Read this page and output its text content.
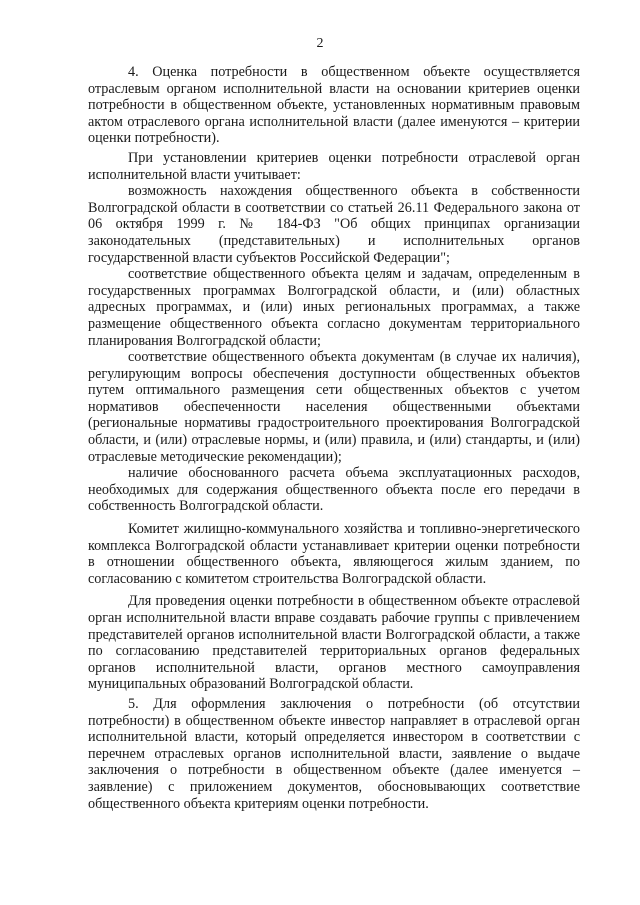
2

4. Оценка потребности в общественном объекте осуществляется отраслевым органом исполнительной власти на основании критериев оценки потребности в общественном объекте, установленных нормативным правовым актом отраслевого органа исполнительной власти (далее именуются – критерии оценки потребности).

При установлении критериев оценки потребности отраслевой орган исполнительной власти учитывает:

возможность нахождения общественного объекта в собственности Волгоградской области в соответствии со статьей 26.11 Федерального закона от 06 октября 1999 г. № 184-ФЗ "Об общих принципах организации законодательных (представительных) и исполнительных органов государственной власти субъектов Российской Федерации";

соответствие общественного объекта целям и задачам, определенным в государственных программах Волгоградской области, и (или) областных адресных программах, и (или) иных региональных программах, а также размещение общественного объекта согласно документам территориального планирования Волгоградской области;

соответствие общественного объекта документам (в случае их наличия), регулирующим вопросы обеспечения доступности общественных объектов путем оптимального размещения сети общественных объектов с учетом нормативов обеспеченности населения общественными объектами (региональные нормативы градостроительного проектирования Волгоградской области, и (или) отраслевые нормы, и (или) правила, и (или) стандарты, и (или) отраслевые методические рекомендации);

наличие обоснованного расчета объема эксплуатационных расходов, необходимых для содержания общественного объекта после его передачи в собственность Волгоградской области.

Комитет жилищно-коммунального хозяйства и топливно-энергетического комплекса Волгоградской области устанавливает критерии оценки потребности в отношении общественного объекта, являющегося жилым зданием, по согласованию с комитетом строительства Волгоградской области.

Для проведения оценки потребности в общественном объекте отраслевой орган исполнительной власти вправе создавать рабочие группы с привлечением представителей органов исполнительной власти Волгоградской области, а также по согласованию представителей территориальных органов федеральных органов исполнительной власти, органов местного самоуправления муниципальных образований Волгоградской области.

5. Для оформления заключения о потребности (об отсутствии потребности) в общественном объекте инвестор направляет в отраслевой орган исполнительной власти, который определяется инвестором в соответствии с перечнем отраслевых органов исполнительной власти, заявление о выдаче заключения о потребности в общественном объекте (далее именуется – заявление) с приложением документов, обосновывающих соответствие общественного объекта критериям оценки потребности.
